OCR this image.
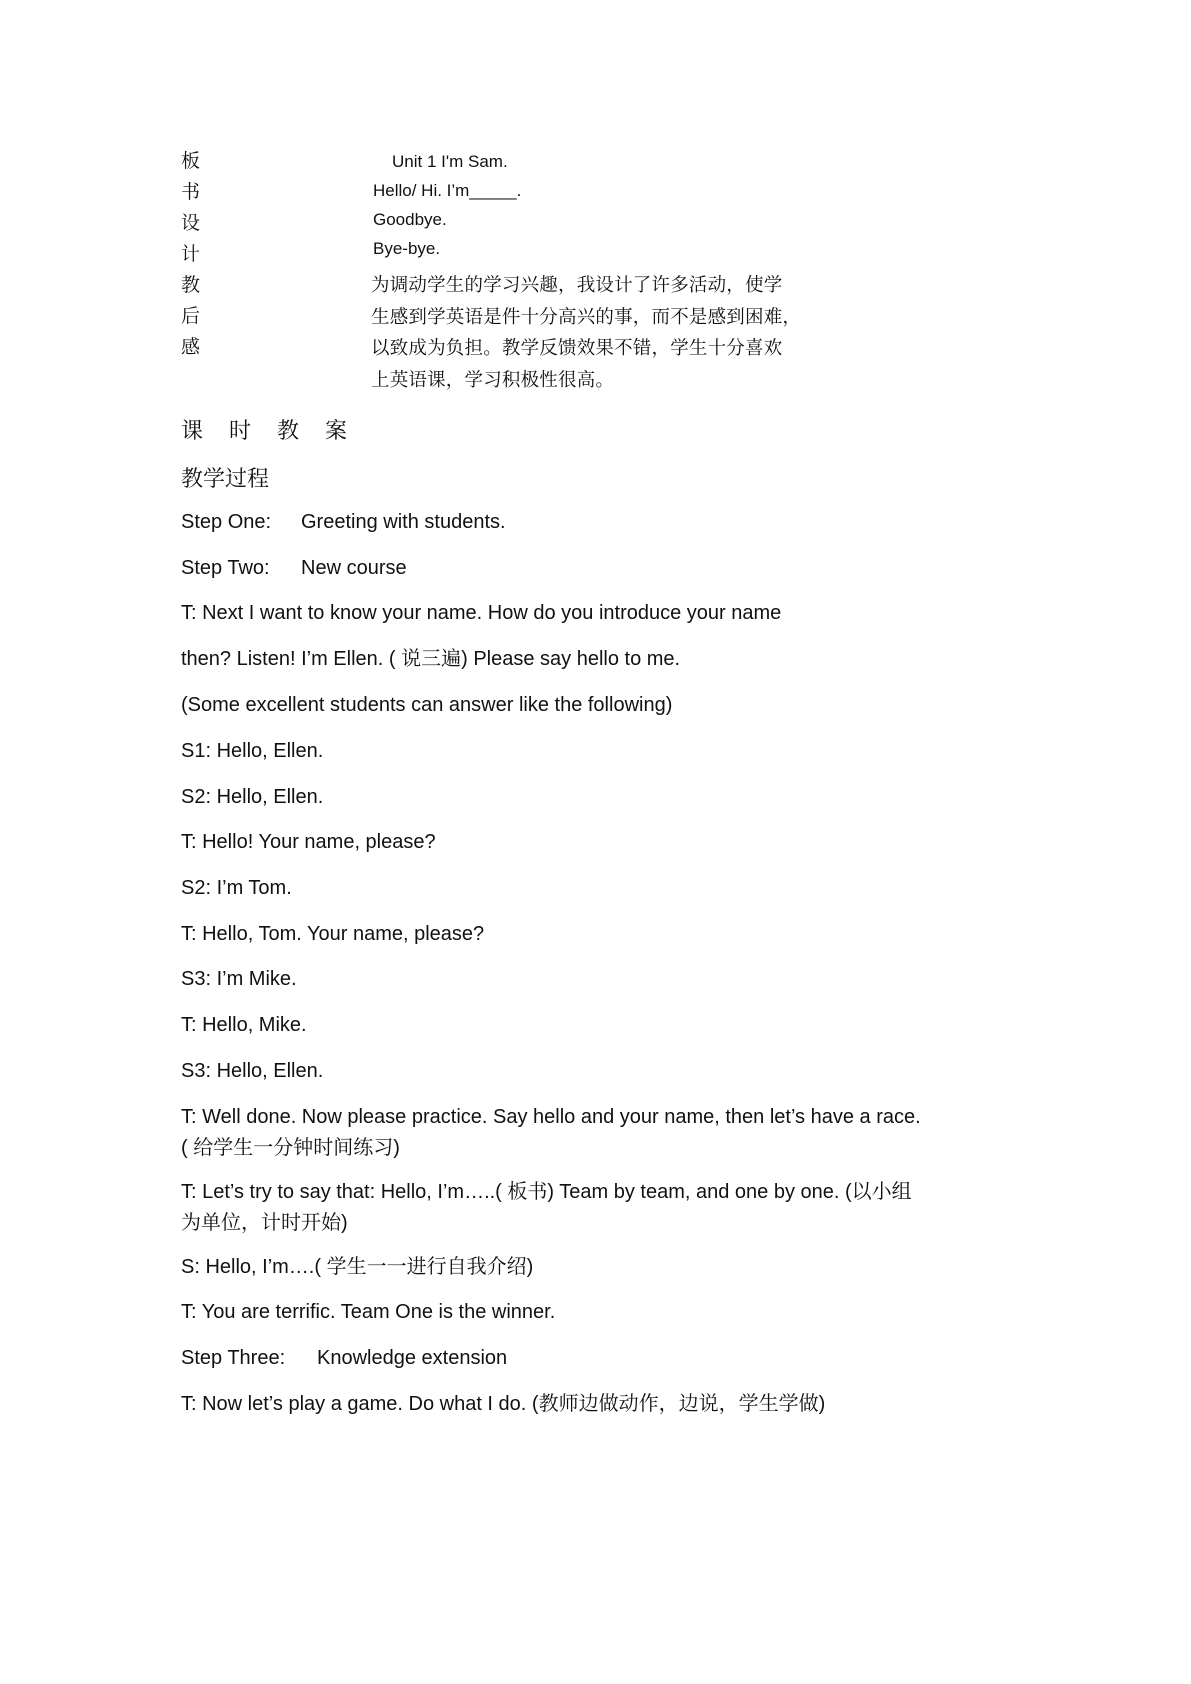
板
书
设
计
教
后
感
Unit 1 I'm Sam.
Hello/ Hi. I’m_____.
Goodbye.
Bye-bye.
为调动学生的学习兴趣，我设计了许多活动，使学
生感到学英语是件十分高兴的事，而不是感到困难，
以致成为负担。教学反馈效果不错，学生十分喜欢
上英语课，学习积极性很高。
课 时 教 案
教学过程
Step One: Greeting with students.
Step Two: New course
T: Next I want to know your name. How do you introduce your name
then? Listen! I’m Ellen. ( 说三遍) Please say hello to me.
(Some excellent students can answer like the following)
S1: Hello, Ellen.
S2: Hello, Ellen.
T: Hello! Your name, please?
S2: I’m Tom.
T: Hello, Tom. Your name, please?
S3: I’m Mike.
T: Hello, Mike.
S3: Hello, Ellen.
T: Well done. Now please practice. Say hello and your name, then let’s have a race.
( 给学生一分钟时间练习)
T: Let’s try to say that: Hello, I’m…..( 板书) Team by team, and one by one. (以小组
为单位，计时开始)
S: Hello, I’m….( 学生一一进行自我介绍)
T: You are terrific. Team One is the winner.
Step Three: Knowledge extension
T: Now let’s play a game. Do what I do. (教师边做动作，边说，学生学做)
